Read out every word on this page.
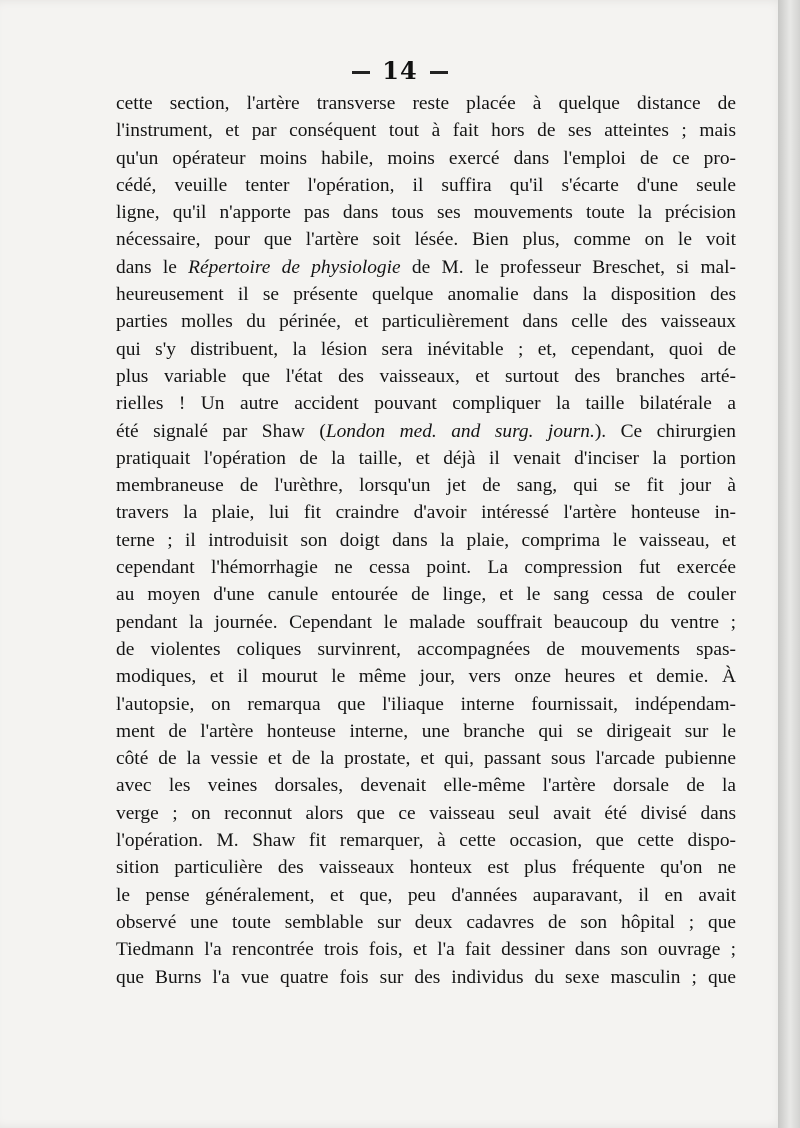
14
cette section, l'artère transverse reste placée à quelque distance de
l'instrument, et par conséquent tout à fait hors de ses atteintes ; mais
qu'un opérateur moins habile, moins exercé dans l'emploi de ce pro-
cédé, veuille tenter l'opération, il suffira qu'il s'écarte d'une seule
ligne, qu'il n'apporte pas dans tous ses mouvements toute la précision
nécessaire, pour que l'artère soit lésée. Bien plus, comme on le voit
dans le Répertoire de physiologie de M. le professeur Breschet, si mal-
heureusement il se présente quelque anomalie dans la disposition des
parties molles du périnée, et particulièrement dans celle des vaisseaux
qui s'y distribuent, la lésion sera inévitable ; et, cependant, quoi de
plus variable que l'état des vaisseaux, et surtout des branches arté-
rielles ! Un autre accident pouvant compliquer la taille bilatérale a
été signalé par Shaw (London med. and surg. journ.). Ce chirurgien
pratiquait l'opération de la taille, et déjà il venait d'inciser la portion
membraneuse de l'urèthre, lorsqu'un jet de sang, qui se fit jour à
travers la plaie, lui fit craindre d'avoir intéressé l'artère honteuse in-
terne ; il introduisit son doigt dans la plaie, comprima le vaisseau, et
cependant l'hémorrhagie ne cessa point. La compression fut exercée
au moyen d'une canule entourée de linge, et le sang cessa de couler
pendant la journée. Cependant le malade souffrait beaucoup du ventre ;
de violentes coliques survinrent, accompagnées de mouvements spas-
modiques, et il mourut le même jour, vers onze heures et demie. À
l'autopsie, on remarqua que l'iliaque interne fournissait, indépendam-
ment de l'artère honteuse interne, une branche qui se dirigeait sur le
côté de la vessie et de la prostate, et qui, passant sous l'arcade pubienne
avec les veines dorsales, devenait elle-même l'artère dorsale de la
verge ; on reconnut alors que ce vaisseau seul avait été divisé dans
l'opération. M. Shaw fit remarquer, à cette occasion, que cette dispo-
sition particulière des vaisseaux honteux est plus fréquente qu'on ne
le pense généralement, et que, peu d'années auparavant, il en avait
observé une toute semblable sur deux cadavres de son hôpital ; que
Tiedmann l'a rencontrée trois fois, et l'a fait dessiner dans son ouvrage ;
que Burns l'a vue quatre fois sur des individus du sexe masculin ; que
